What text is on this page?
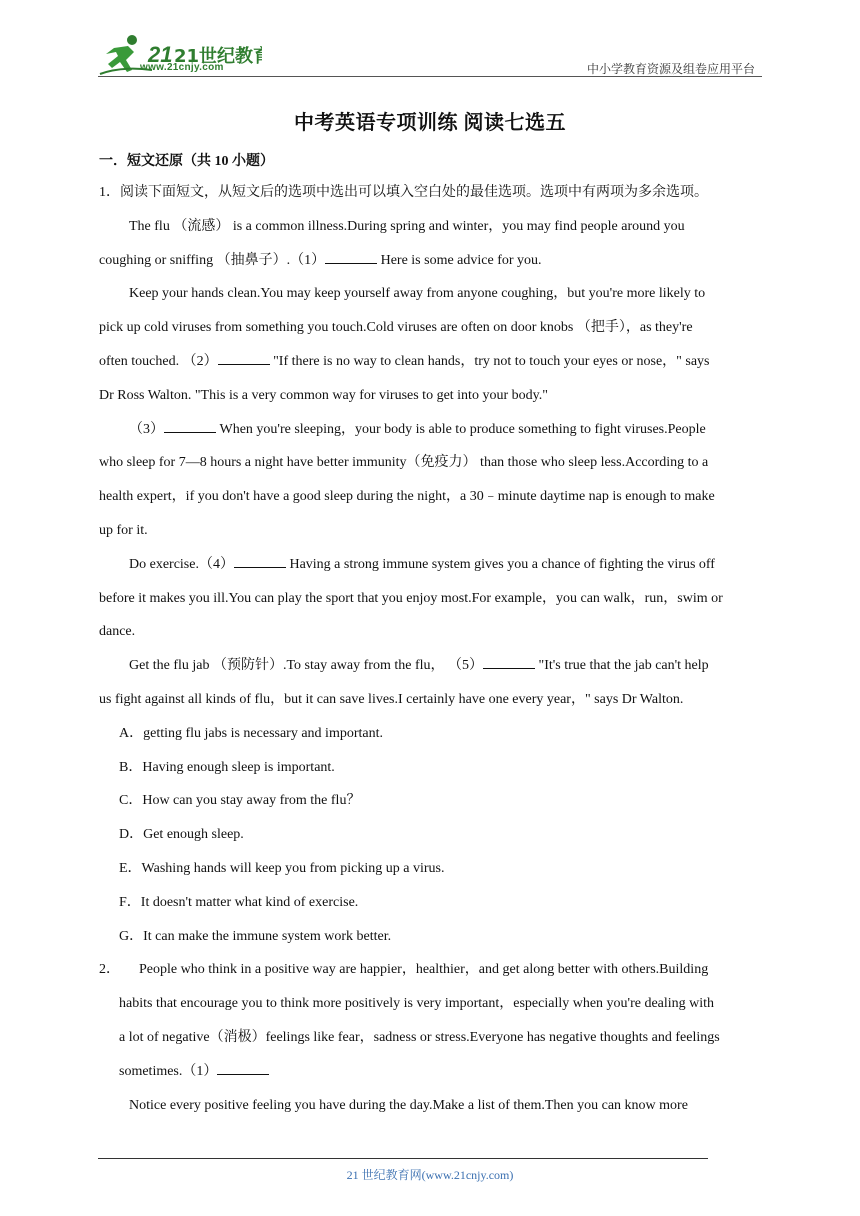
21 21世纪教育
www.21cnjy.com	中小学教育资源及组卷应用平台
中考英语专项训练 阅读七选五
一．短文还原（共 10 小题）

1．阅读下面短文，从短文后的选项中选出可以填入空白处的最佳选项。选项中有两项为多余选项。

The flu （流感） is a common illness.During spring and winter，you may find people around you

coughing or sniffing （抽鼻子）.（1）	Here is some advice for you.

Keep your hands clean.You may keep yourself away from anyone coughing，but you're more likely to

pick up cold viruses from something you touch.Cold viruses are often on door knobs （把手），as they're

often touched. （2）	"If there is no way to clean hands，try not to touch your eyes or nose，" says

Dr Ross Walton. "This is a very common way for viruses to get into your body."

（3）	When you're sleeping，your body is able to produce something to fight viruses.People

who sleep for 7—8 hours a night have better immunity（免疫力） than those who sleep less.According to a

health expert，if you don't have a good sleep during the night，a 30﹣minute daytime nap is enough to make

up for it.

Do exercise.（4）	Having a strong immune system gives you a chance of fighting the virus off

before it makes you ill.You can play the sport that you enjoy most.For example，you can walk，run，swim or

dance.

Get the flu jab （预防针）.To stay away from the flu， （5）	"It's true that the jab can't help

us fight against all kinds of flu，but it can save lives.I certainly have one every year，" says Dr Walton.

A．getting flu jabs is necessary and important.

B．Having enough sleep is important.

C．How can you stay away from the flu？

D．Get enough sleep.

E．Washing hands will keep you from picking up a virus.

F．It doesn't matter what kind of exercise.

G．It can make the immune system work better.

2．	People who think in a positive way are happier，healthier，and get along better with others.Building

habits that encourage you to think more positively is very important，especially when you're dealing with

a lot of negative（消极）feelings like fear，sadness or stress.Everyone has negative thoughts and feelings

sometimes.（1）

Notice every positive feeling you have during the day.Make a list of them.Then you can know more

21 世纪教育网(www.21cnjy.com)
